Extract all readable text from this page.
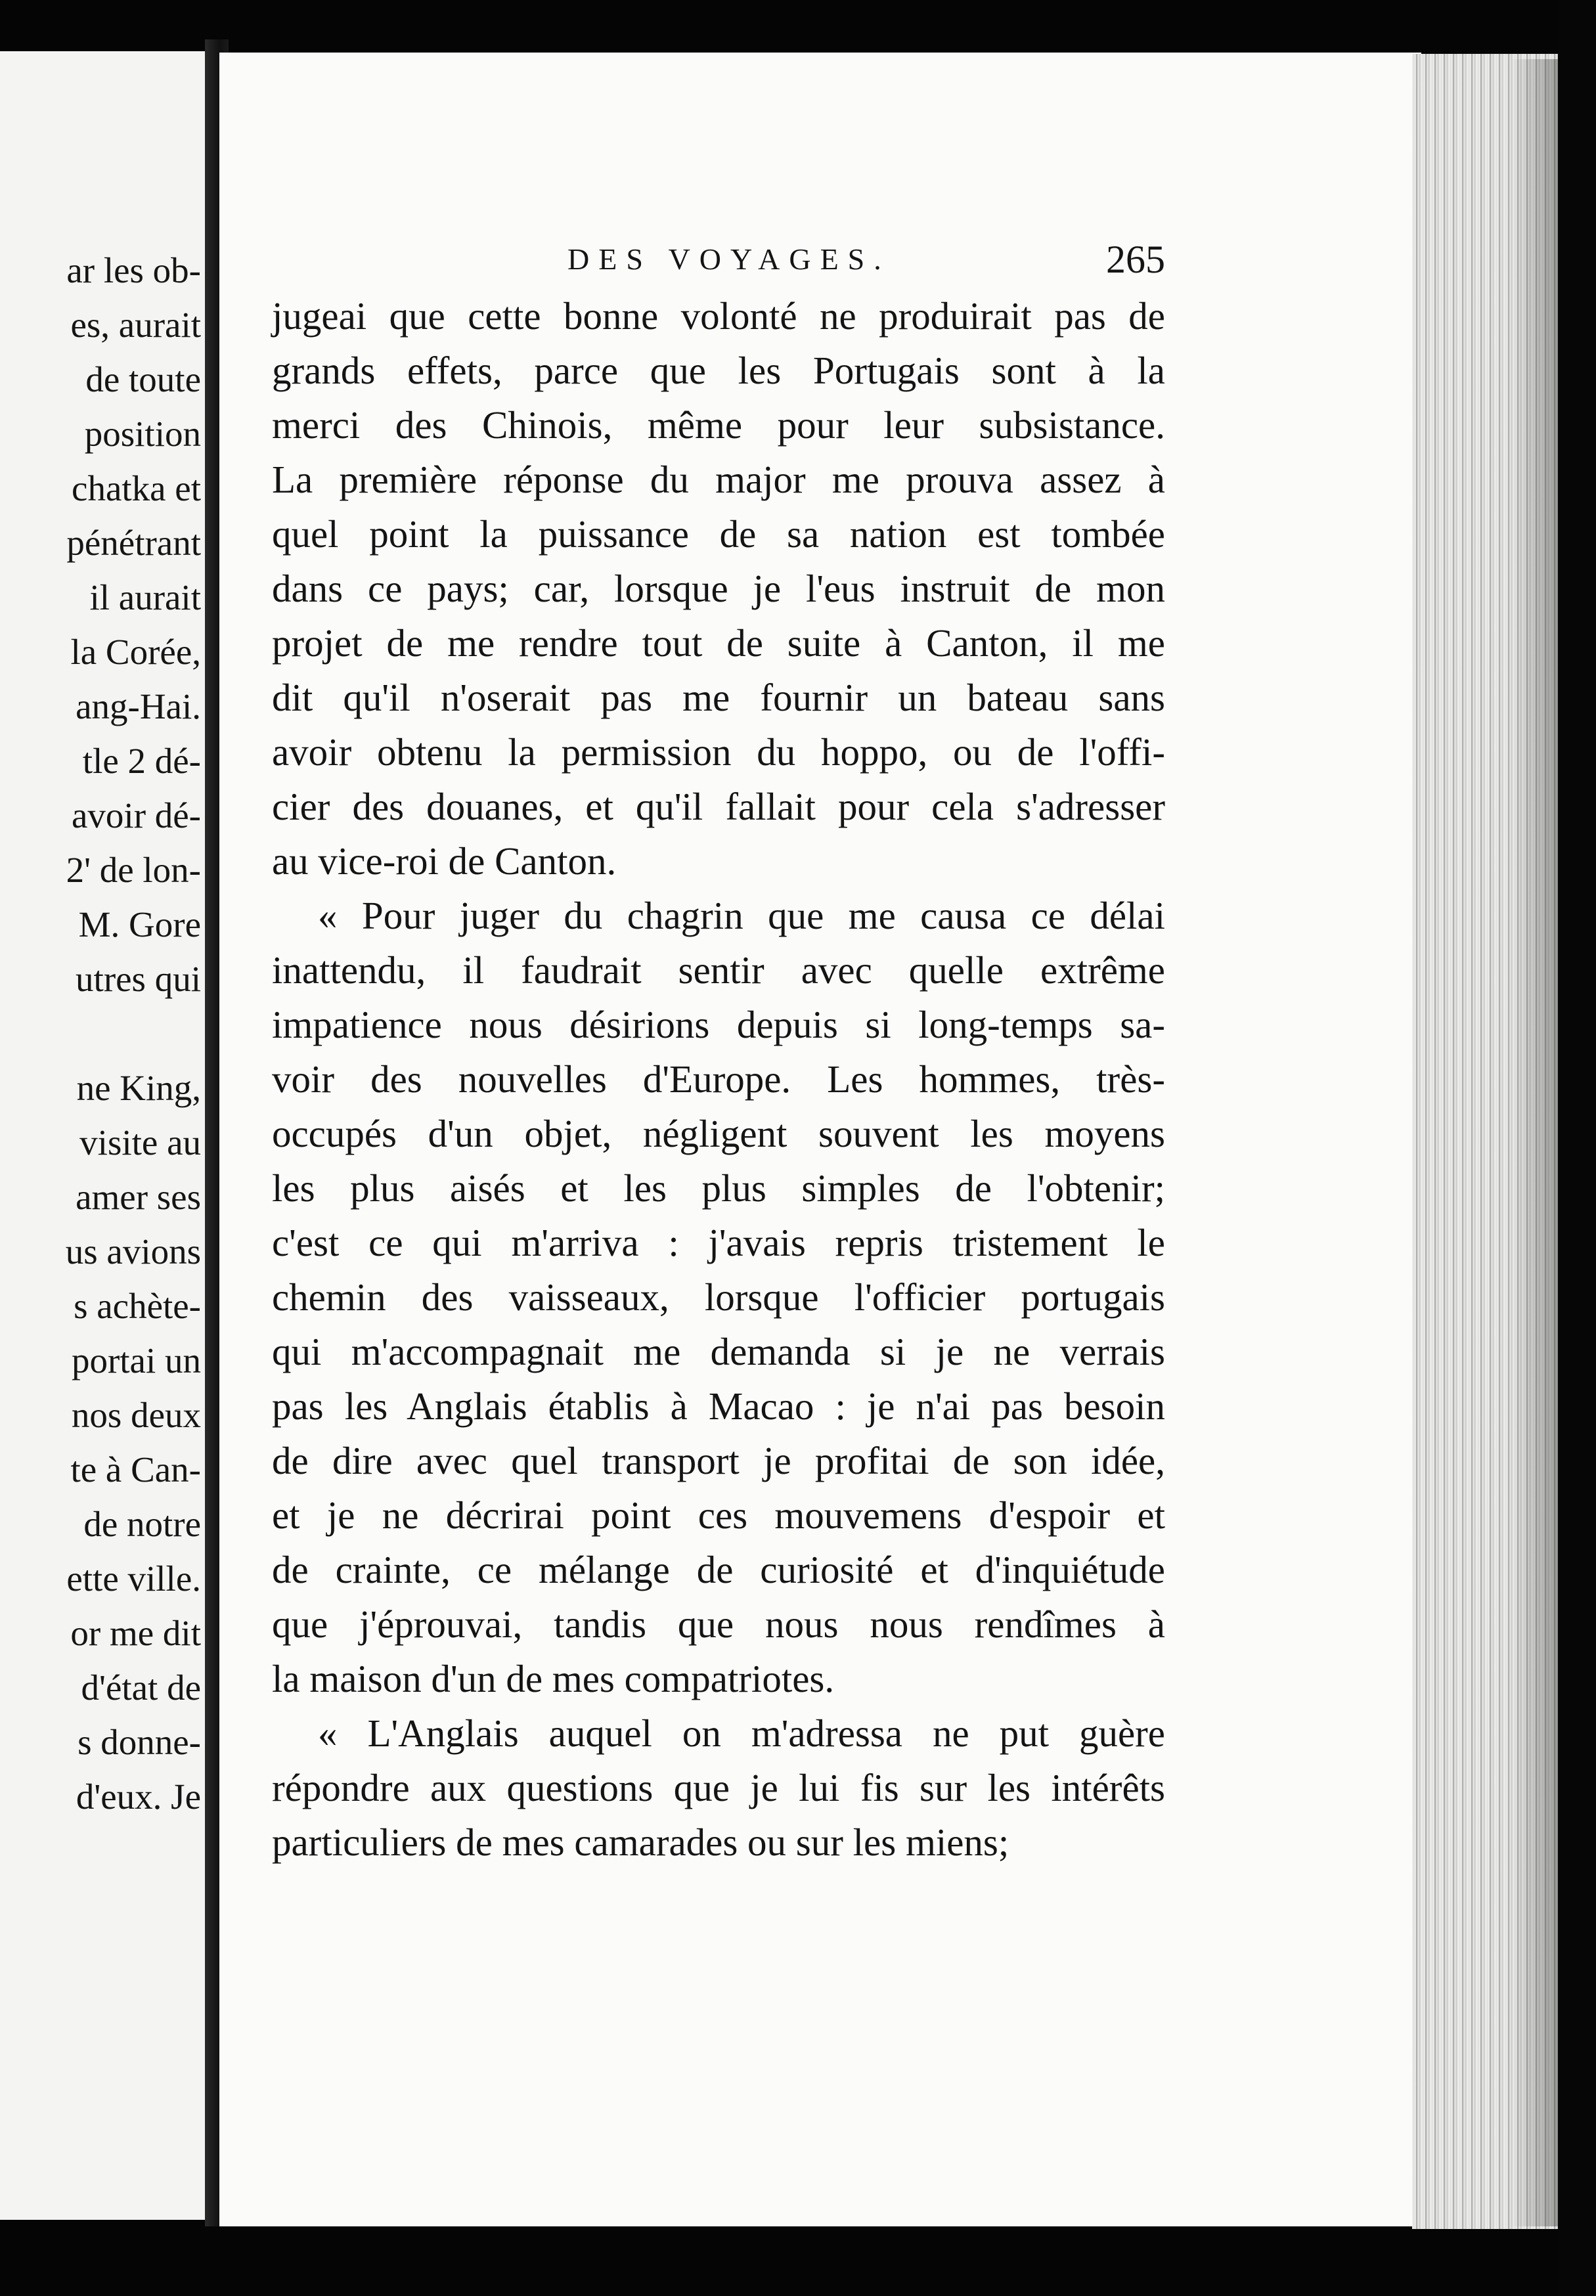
ar les ob-
es, aurait
de toute
position
chatka et
pénétrant
il aurait
la Corée,
ang-Hai.
tle 2 dé-
avoir dé-
2' de lon-
M. Gore
utres qui
ne King,
visite au
amer ses
us avions
s achète-
portai un
nos deux
te à Can-
de notre
ette ville.
or me dit
d'état de
s donne-
d'eux. Je
DES VOYAGES.	265
jugeai que cette bonne volonté ne produirait pas de
grands effets, parce que les Portugais sont à la
merci des Chinois, même pour leur subsistance.
La première réponse du major me prouva assez à
quel point la puissance de sa nation est tombée
dans ce pays; car, lorsque je l'eus instruit de mon
projet de me rendre tout de suite à Canton, il me
dit qu'il n'oserait pas me fournir un bateau sans
avoir obtenu la permission du hoppo, ou de l'offi-
cier des douanes, et qu'il fallait pour cela s'adresser
au vice-roi de Canton.
« Pour juger du chagrin que me causa ce délai
inattendu, il faudrait sentir avec quelle extrême
impatience nous désirions depuis si long-temps sa-
voir des nouvelles d'Europe. Les hommes, très-
occupés d'un objet, négligent souvent les moyens
les plus aisés et les plus simples de l'obtenir;
c'est ce qui m'arriva : j'avais repris tristement le
chemin des vaisseaux, lorsque l'officier portugais
qui m'accompagnait me demanda si je ne verrais
pas les Anglais établis à Macao : je n'ai pas besoin
de dire avec quel transport je profitai de son idée,
et je ne décrirai point ces mouvemens d'espoir et
de crainte, ce mélange de curiosité et d'inquiétude
que j'éprouvai, tandis que nous nous rendîmes à
la maison d'un de mes compatriotes.
« L'Anglais auquel on m'adressa ne put guère
répondre aux questions que je lui fis sur les intérêts
particuliers de mes camarades ou sur les miens;
